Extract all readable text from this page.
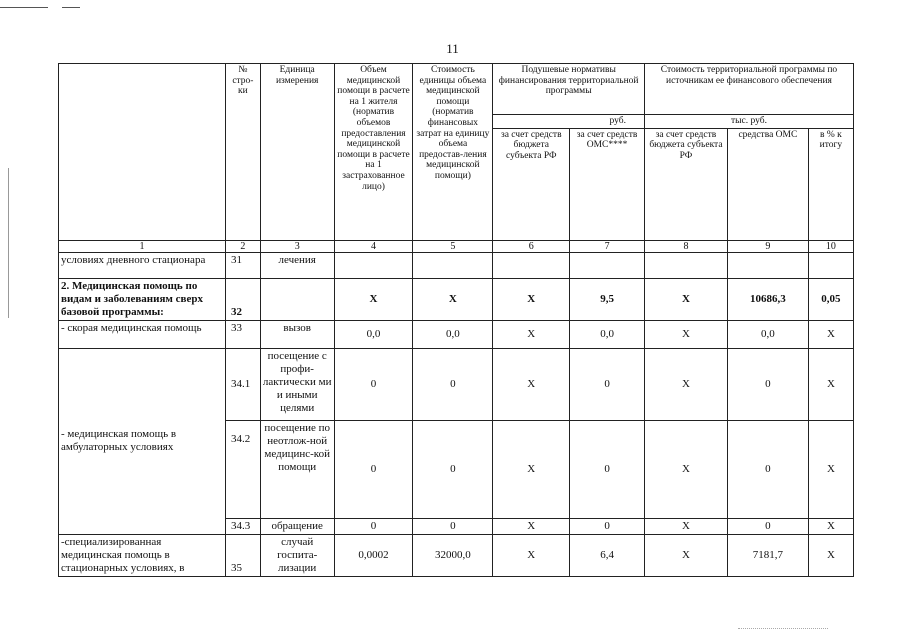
11
	№ стро-ки	Единица измерения	Объем медицинской помощи в расчете на 1 жителя (норматив объемов предоставления медицинской помощи в расчете на 1 застрахованное лицо)	Стоимость единицы объема медицинской помощи (норматив финансовых затрат на единицу объема предостав-ления медицинской помощи)	Подушевые нормативы финансирования территориальной программы		Стоимость территориальной программы по источникам ее финансового обеспечения		
					руб.		тыс. руб.		
					за счет средств бюджета субъекта РФ	за счет средств ОМС****	за счет средств бюджета субъекта РФ	средства ОМС	в % к итогу
1	2	3	4	5	6	7	8	9	10
условиях дневного стационара	31	лечения							
2. Медицинская помощь по видам и заболеваниям сверх базовой программы:	32		X	X	X	9,5	X	10686,3	0,05
- скорая медицинская помощь	33	вызов	0,0	0,0	X	0,0	X	0,0	X
- медицинская помощь в амбулаторных условиях	34.1	посещение с профи-лактически ми и иными целями	0	0	X	0	X	0	X
	34.2	посещение по неотлож-ной медицинс-кой помощи	0	0	X	0	X	0	X
	34.3	обращение	0	0	X	0	X	0	X
-специализированная медицинская помощь в стационарных условиях, в	35	случай госпита-лизации	0,0002	32000,0	X	6,4	X	7181,7	X
